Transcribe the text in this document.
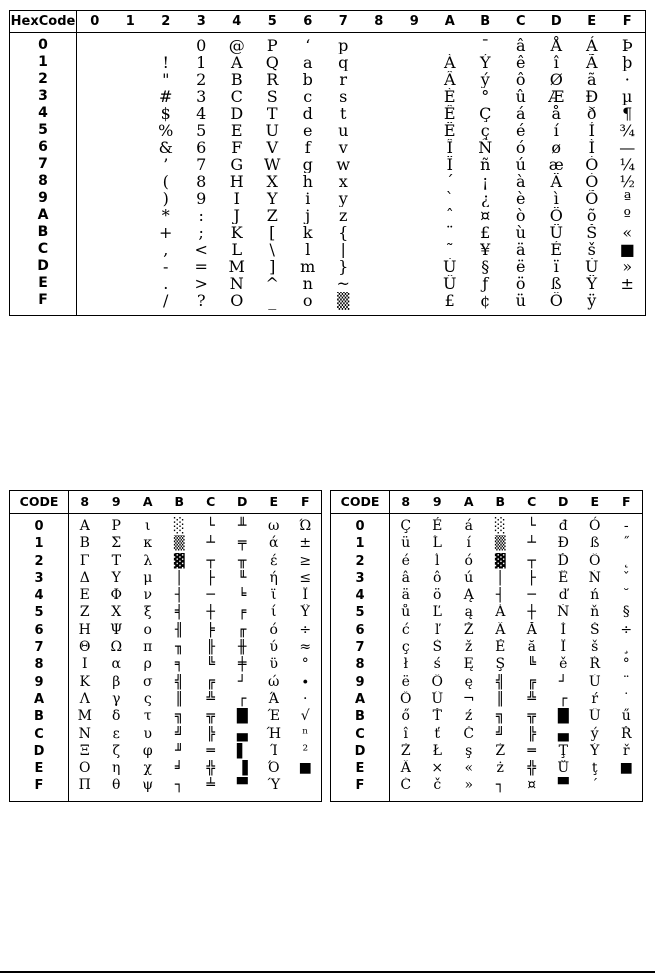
HexCode	0	1	2	3	4	5	6	7	8	9	A	B	C	D	E	F
0				0	@	P	‘	p				¯	â	Å	Á	Þ
1			!	1	A	Q	a	q			À	Ý	ê	î	Ã	þ
2			"	2	B	R	b	r			Â	ý	ô	Ø	ã	·
3			#	3	C	S	c	s			È	°	û	Æ	Ð	µ
4			$	4	D	T	d	t			Ê	Ç	á	å	ð	¶
5			%	5	E	U	e	u			Ë	ç	é	í	Í	¾
6			&	6	F	V	f	v			Î	Ñ	ó	ø	Ì	—
7			’	7	G	W	g	w			Ï	ñ	ú	æ	Ó	¼
8			(	8	H	X	h	x			´	¡	à	Ä	Ò	½
9			)	9	I	Y	i	y			`	¿	è	ì	Õ	ª
A			*	:	J	Z	j	z			ˆ	¤	ò	Ö	õ	º
B			+	;	K	[	k	{			¨	£	ù	Ü	Š	«
C			,	<	L	\	l	|			˜	¥	ä	É	š	■
D			-	=	M	]	m	}			Ù	§	ë	ï	Ú	»
E			.	>	N	^	n	~			Û	ƒ	ö	ß	Ÿ	±
F			/	?	O	_	o	▒			£	¢	ü	Ô	ÿ	
CODE	8	9	A	B	C	D	E	F
0	Α	Ρ	ι	░	└	╨	ω	Ώ
1	Β	Σ	κ	▒	┴	╤	ά	±
2	Γ	Τ	λ	▓	┬	╥	έ	≥
3	Δ	Υ	μ	│	├	╙	ή	≤
4	Ε	Φ	ν	┤	─	╘	ϊ	Ϊ
5	Ζ	Χ	ξ	╡	┼	╒	ί	Ϋ
6	Η	Ψ	ο	╢	╞	╓	ό	÷
7	Θ	Ω	π	╖	╟	╫	ύ	≈
8	Ι	α	ρ	╕	╚	╪	ϋ	°
9	Κ	β	σ	╣	╔	┘	ώ	∙
A	Λ	γ	ς	║	╩	┌	Ά	·
B	Μ	δ	τ	╗	╦	█	Έ	√
C	Ν	ε	υ	╝	╠	▄	Ή	ⁿ
D	Ξ	ζ	φ	╜	═	▌	Ί	²
E	Ο	η	χ	╛	╬	▐	Ό	■
F	Π	θ	ψ	┐	╧	▀	Ύ	
CODE	8	9	A	B	C	D	E	F
0	Ç	É	á	░	└	đ	Ó	-
1	ü	Ĺ	í	▒	┴	Đ	ß	˝
2	é	ĺ	ó	▓	┬	Ď	Ô	˛
3	â	ô	ú	│	├	Ë	Ń	ˇ
4	ä	ö	Ą	┤	─	ď	ń	˘
5	ů	Ľ	ą	Á	┼	Ň	ň	§
6	ć	ľ	Ž	Â	Ă	Í	Š	÷
7	ç	Ś	ž	Ě	ă	Î	š	¸
8	ł	ś	Ę	Ş	╚	ě	Ŕ	°
9	ë	Ö	ę	╣	╔	┘	Ú	¨
A	Ő	Ü	¬	║	╩	┌	ŕ	˙
B	ő	Ť	ź	╗	╦	█	Ű	ű
C	î	ť	Č	╝	╠	▄	ý	Ř
D	Ź	Ł	ş	Ż	═	Ţ	Ý	ř
E	Ä	×	«	ż	╬	Ů	ţ	■
F	Ć	č	»	┐	¤	▀	´	
